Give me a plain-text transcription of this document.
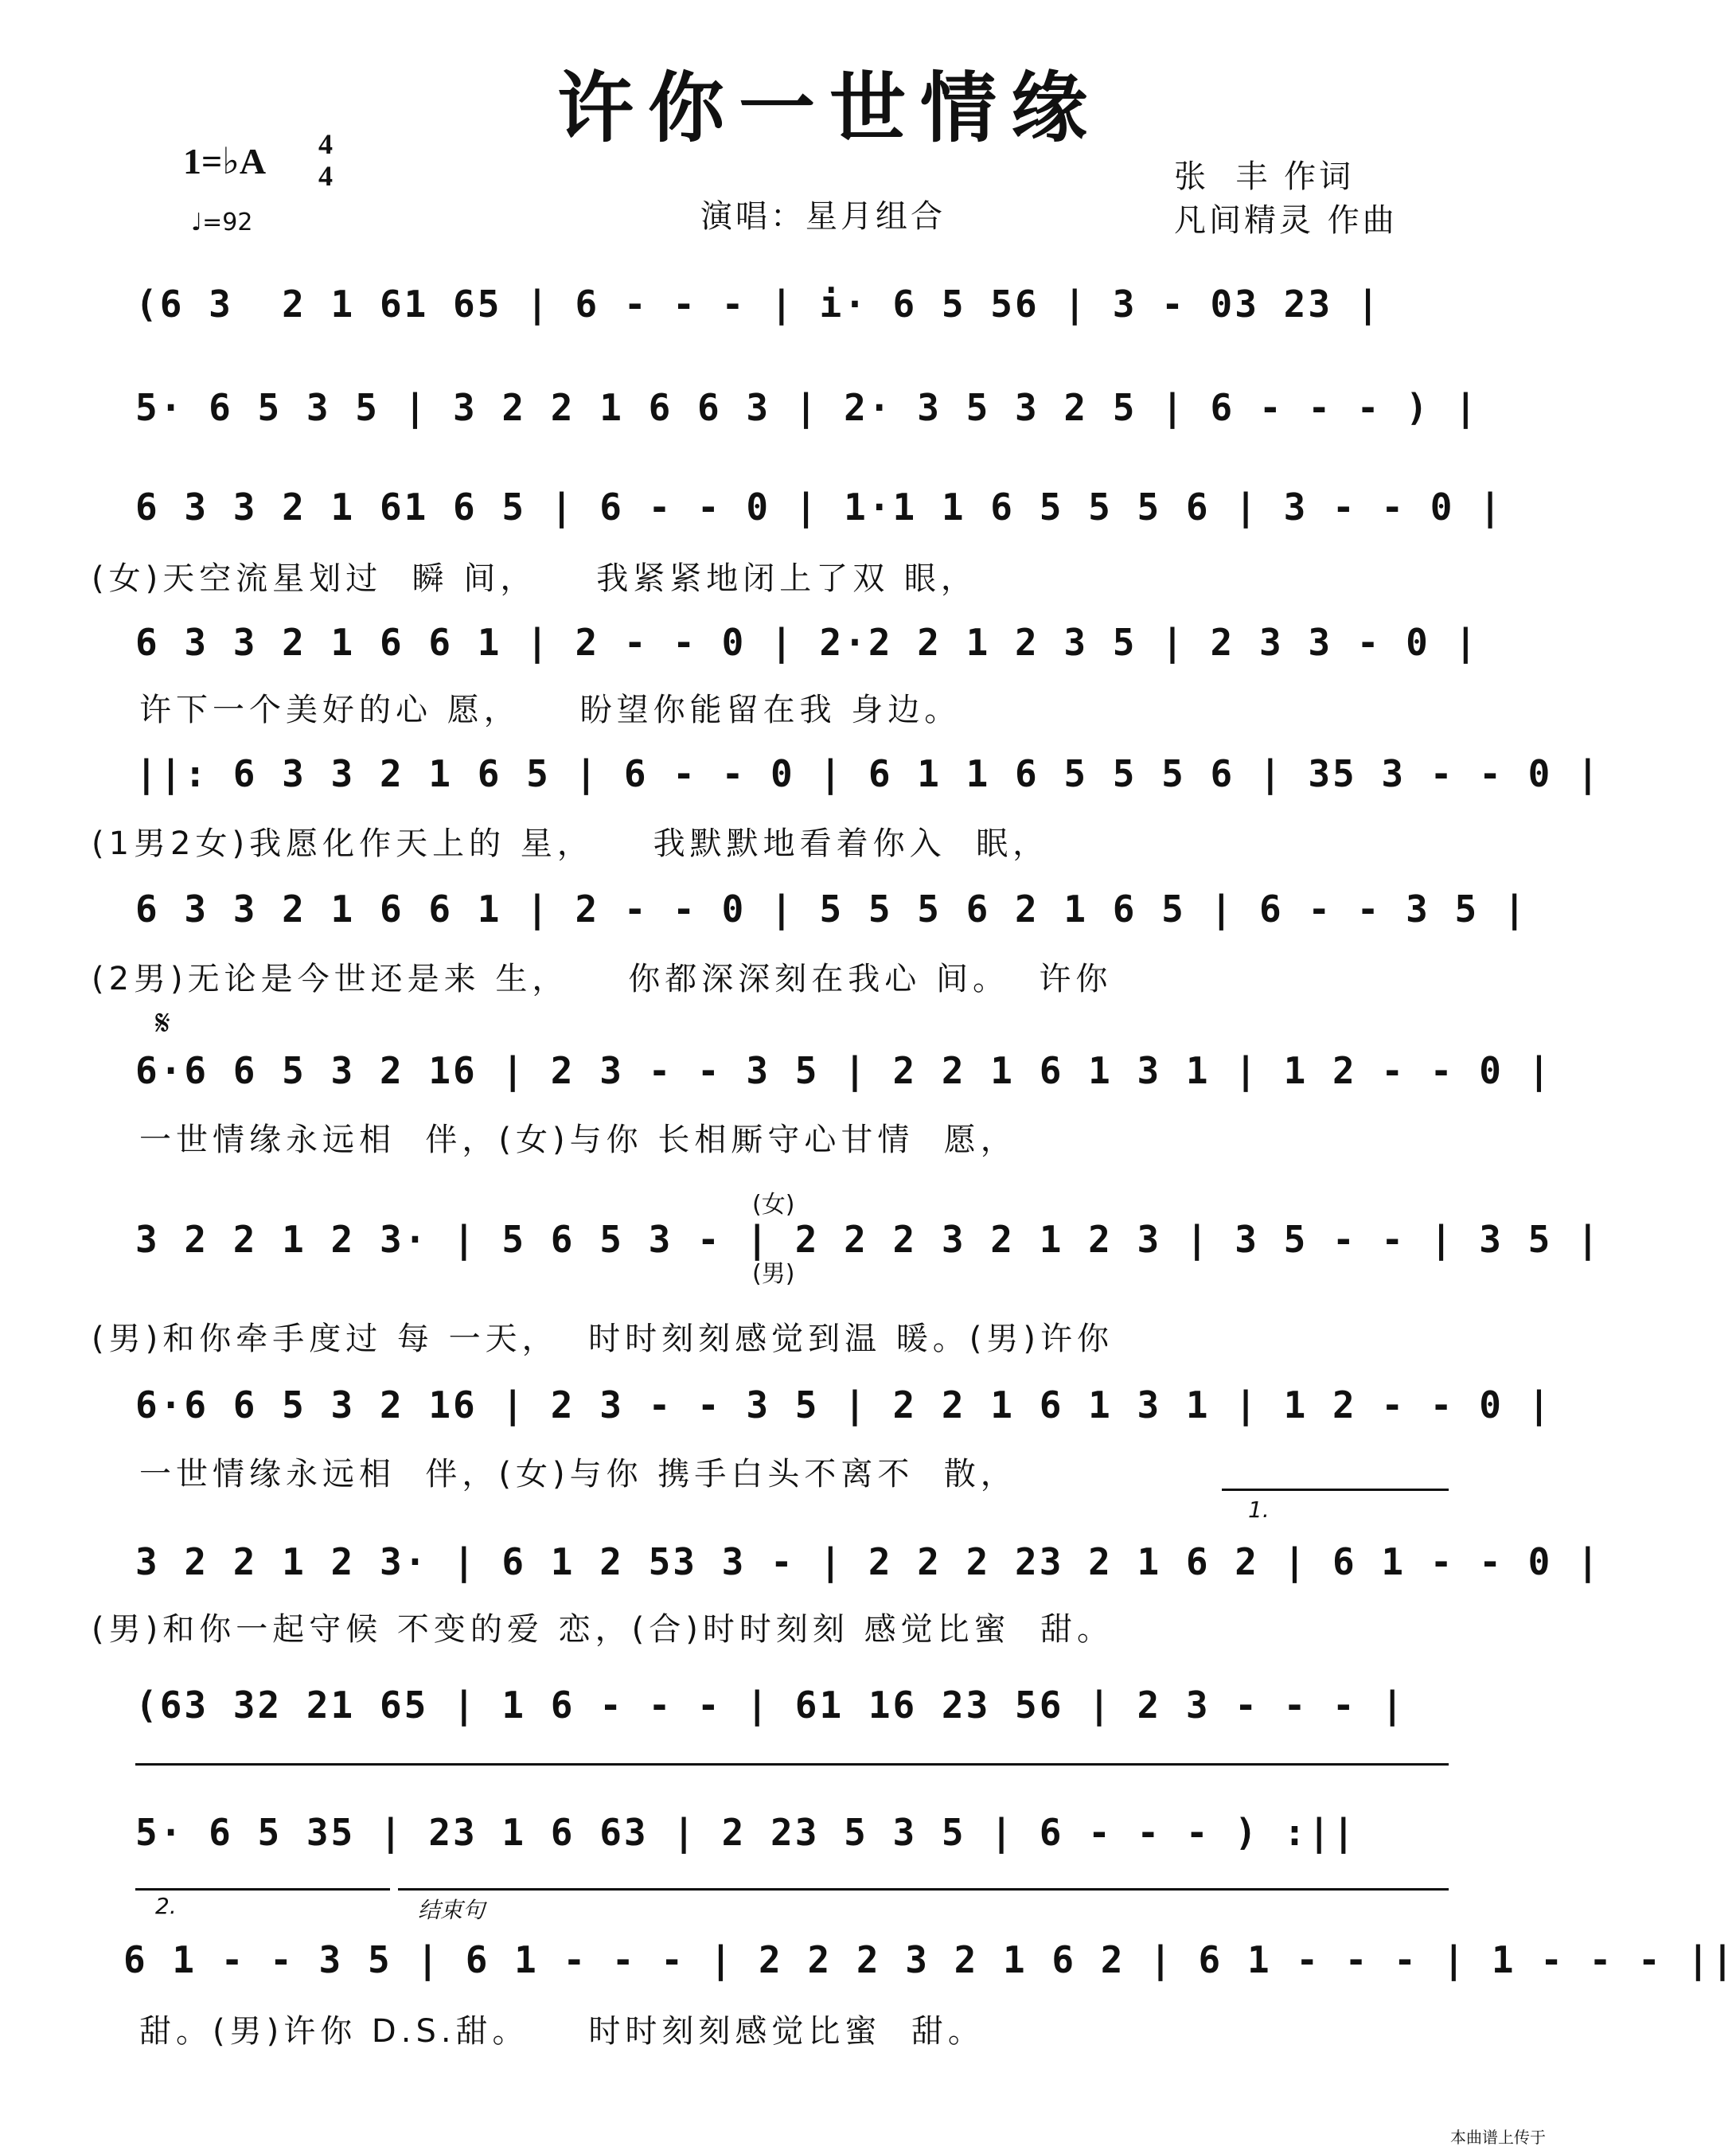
许你一世情缘
1=♭A 4
4
♩=92	演唱：星月组合
张  丰 作词
凡间精灵 作曲
(6 3  2 1 61 65 | 6 - - - | i· 6 5 56 | 3 - 03 23 |
5· 6 5 3 5 | 3 2 2 1 6 6 3 | 2· 3 5 3 2 5 | 6 - - - ) |
6 3 3 2 1 61 6 5 | 6 - - 0 | 1·1 1 6 5 5 5 6 | 3 - - 0 |
(女)天空流星划过  瞬 间，    我紧紧地闭上了双 眼，
6 3 3 2 1 6 6 1 | 2 - - 0 | 2·2 2 1 2 3 5 | 2 3 3 - 0 |
许下一个美好的心 愿，    盼望你能留在我 身边。
||: 6 3 3 2 1 6 5 | 6 - - 0 | 6 1 1 6 5 5 5 6 | 35 3 - - 0 |
(1男2女)我愿化作天上的 星，    我默默地看着你入  眠，
6 3 3 2 1 6 6 1 | 2 - - 0 | 5 5 5 6 2 1 6 5 | 6 - - 3 5 |
(2男)无论是今世还是来 生，    你都深深刻在我心 间。  许你
𝄋
6·6 6 5 3 2 16 | 2 3 - - 3 5 | 2 2 1 6 1 3 1 | 1 2 - - 0 |
一世情缘永远相  伴，(女)与你 长相厮守心甘情  愿，
3 2 2 1 2 3· | 5 6 5 3 - | 2 2 2 3 2 1 2 3 | 3 5 - - | 3 5 |
(女)
(男)
(男)和你牵手度过 每 一天，  时时刻刻感觉到温 暖。(男)许你
6·6 6 5 3 2 16 | 2 3 - - 3 5 | 2 2 1 6 1 3 1 | 1 2 - - 0 |
一世情缘永远相  伴，(女)与你 携手白头不离不  散，
1.
3 2 2 1 2 3· | 6 1 2 53 3 - | 2 2 2 23 2 1 6 2 | 6 1 - - 0 |
(男)和你一起守候 不变的爱 恋，(合)时时刻刻 感觉比蜜  甜。
(63 32 21 65 | 1 6 - - - | 61 16 23 56 | 2 3 - - - |
5· 6 5 35 | 23 1 6 63 | 2 23 5 3 5 | 6 - - - ) :||
2.	结束句
6 1 - - 3 5 | 6 1 - - - | 2 2 2 3 2 1 6 2 | 6 1 - - - | 1 - - - ||
甜。(男)许你 D.S.甜。    时时刻刻感觉比蜜  甜。
本曲谱上传于
